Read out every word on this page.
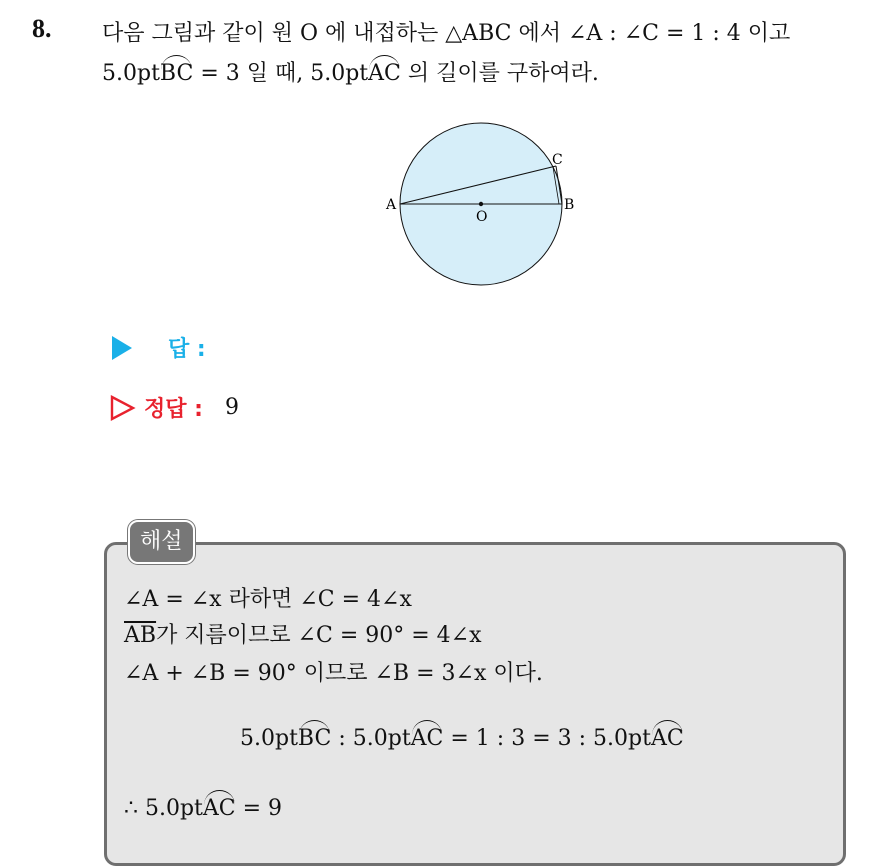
8. 다음 그림과 같이 원 O 에 내접하는 △ABC 에서 ∠A : ∠C = 1 : 4 이고
5.0ptBC = 3 일 때, 5.0ptAC 의 길이를 구하여라.
A	B
C
O
답 :
정답 : 9
해설
∠A = ∠x 라하면 ∠C = 4∠x
$\overline{AB}$가 지름이므로 ∠C = 90° = 4∠x
∠A + ∠B = 90° 이므로 ∠B = 3∠x 이다.
5.0ptBC : 5.0ptAC = 1 : 3 = 3 : 5.0ptAC
∴ 5.0ptAC = 9
